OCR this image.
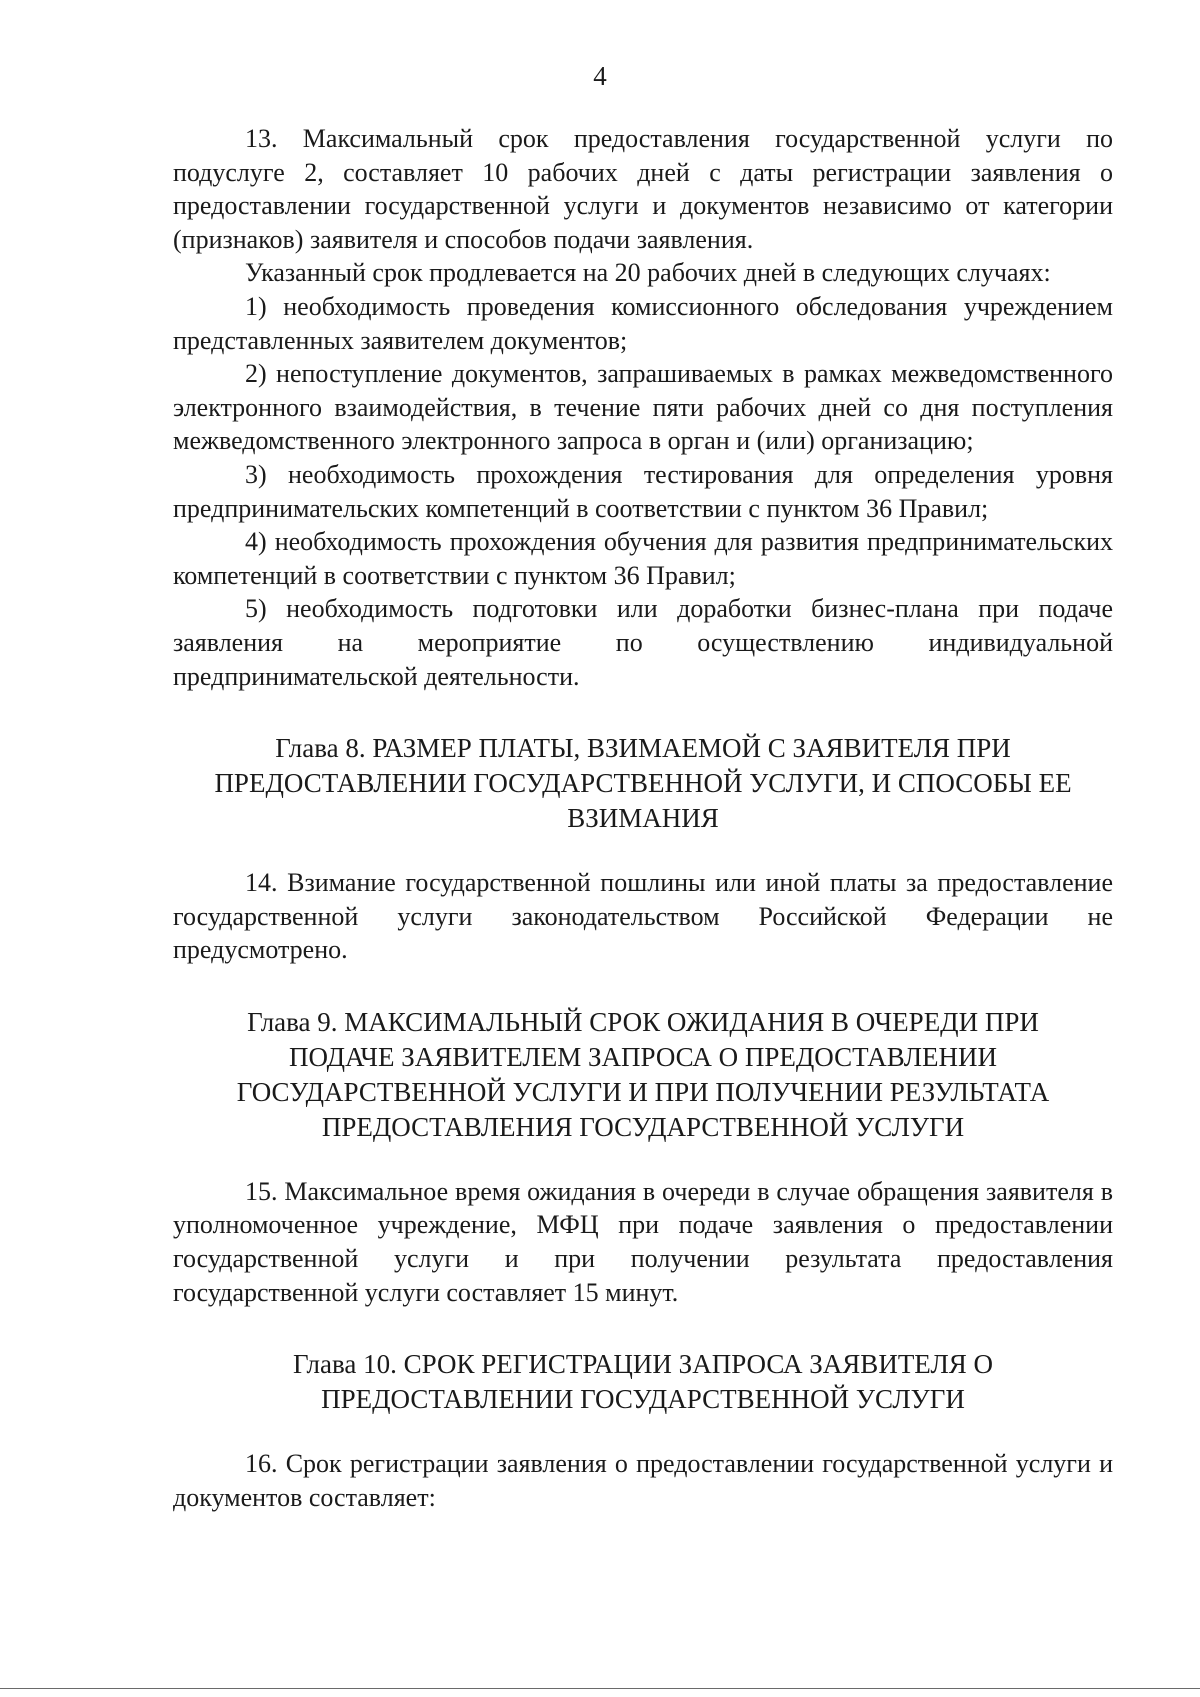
4

13. Максимальный срок предоставления государственной услуги по подуслуге 2, составляет 10 рабочих дней с даты регистрации заявления о предоставлении государственной услуги и документов независимо от категории (признаков) заявителя и способов подачи заявления.

Указанный срок продлевается на 20 рабочих дней в следующих случаях:

1) необходимость проведения комиссионного обследования учреждением представленных заявителем документов;

2) непоступление документов, запрашиваемых в рамках межведомственного электронного взаимодействия, в течение пяти рабочих дней со дня поступления межведомственного электронного запроса в орган и (или) организацию;

3) необходимость прохождения тестирования для определения уровня предпринимательских компетенций в соответствии с пунктом 36 Правил;

4) необходимость прохождения обучения для развития предпринимательских компетенций в соответствии с пунктом 36 Правил;

5) необходимость подготовки или доработки бизнес-плана при подаче заявления на мероприятие по осуществлению индивидуальной предпринимательской деятельности.

Глава 8. РАЗМЕР ПЛАТЫ, ВЗИМАЕМОЙ С ЗАЯВИТЕЛЯ ПРИ
ПРЕДОСТАВЛЕНИИ ГОСУДАРСТВЕННОЙ УСЛУГИ, И СПОСОБЫ ЕЕ
ВЗИМАНИЯ

14. Взимание государственной пошлины или иной платы за предоставление государственной услуги законодательством Российской Федерации не предусмотрено.

Глава 9. МАКСИМАЛЬНЫЙ СРОК ОЖИДАНИЯ В ОЧЕРЕДИ ПРИ
ПОДАЧЕ ЗАЯВИТЕЛЕМ ЗАПРОСА О ПРЕДОСТАВЛЕНИИ
ГОСУДАРСТВЕННОЙ УСЛУГИ И ПРИ ПОЛУЧЕНИИ РЕЗУЛЬТАТА
ПРЕДОСТАВЛЕНИЯ ГОСУДАРСТВЕННОЙ УСЛУГИ

15. Максимальное время ожидания в очереди в случае обращения заявителя в уполномоченное учреждение, МФЦ при подаче заявления о предоставлении государственной услуги и при получении результата предоставления государственной услуги составляет 15 минут.

Глава 10. СРОК РЕГИСТРАЦИИ ЗАПРОСА ЗАЯВИТЕЛЯ О
ПРЕДОСТАВЛЕНИИ ГОСУДАРСТВЕННОЙ УСЛУГИ

16. Срок регистрации заявления о предоставлении государственной услуги и документов составляет:
